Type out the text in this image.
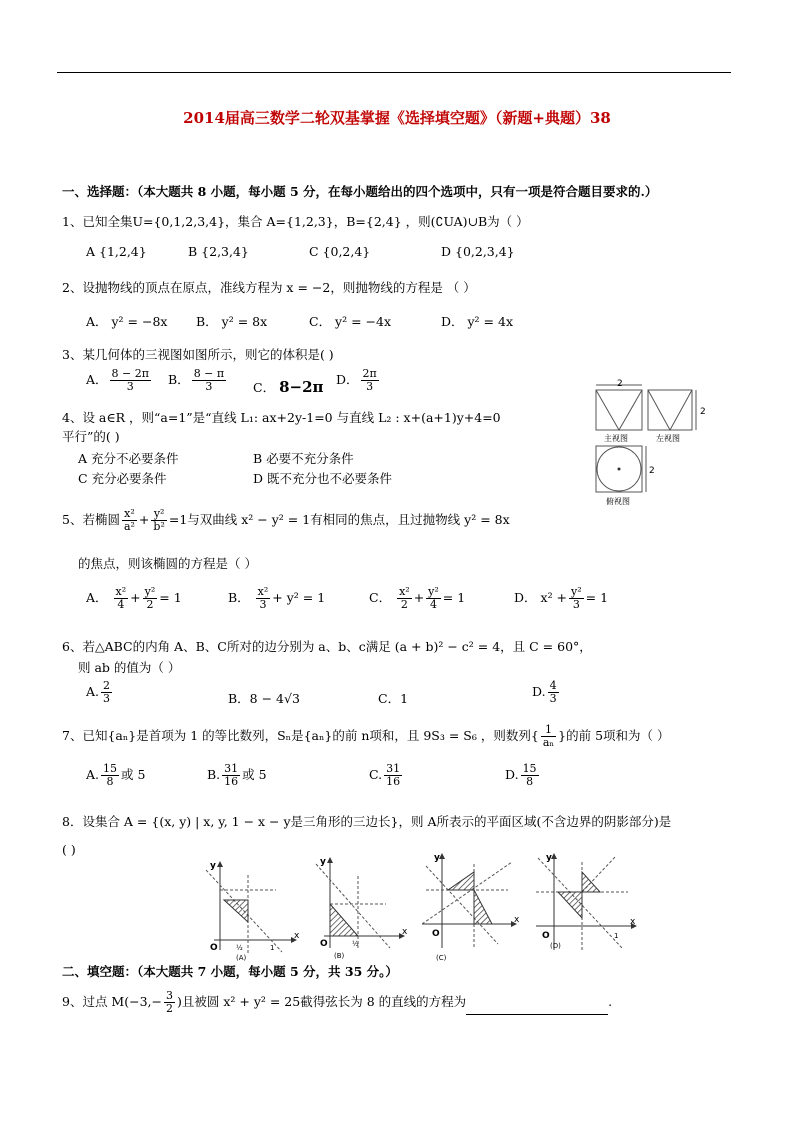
2014届高三数学二轮双基掌握《选择填空题》（新题+典题）38
一、选择题：（本大题共 8 小题，每小题 5 分，在每小题给出的四个选项中，只有一项是符合题目要求的.）
1、已知全集U={0,1,2,3,4}，集合 A={1,2,3}，B={2,4} ，则(∁UA)∪B为（ ）
A {1,2,4}	B {2,3,4}	C {0,2,4}	D {0,2,3,4}
2、设抛物线的顶点在原点，准线方程为 x = −2，则抛物线的方程是 （ ）
A． y² = −8x B． y² = 8x	C． y² = −4x	D． y² = 4x
3、某几何体的三视图如图所示，则它的体积是( )
A． $\frac{8 - 2\pi}{3}$ B． $\frac{8 - \pi}{3}$ C． 8−2π D． $\frac{2\pi}{3}$	2
2
2
主视图	左视图
俯视图
4、设 a∈R ，则“a=1”是“直线 L₁: ax+2y-1=0 与直线 L₂ : x+(a+1)y+4=0
平行”的( )
A 充分不必要条件	B 必要不充分条件
C 充分必要条件	D 既不充分也不必要条件
5、若椭圆 $\frac{\text{x²}}{\text{a²}} + \frac{\text{y²}}{\text{b²}} =1$与双曲线 x² − y² = 1有相同的焦点，且过抛物线 y² = 8x
的焦点，则该椭圆的方程是（ ）
A． $\frac{\text{x²}}{4} + \frac{\text{y²}}{2} = 1$	B． $\frac{\text{x²}}{3} + y^2 = 1$	C． $\frac{\text{x²}}{2} + \frac{\text{y²}}{4} = 1$	D． $x^2 + \frac{\text{y²}}{3} = 1$
6、若△ABC的内角 A、B、C所对的边分别为 a、b、c满足 (a + b)² − c² = 4，且 C = 60°，
则 ab 的值为（ ）
A. $\frac{2}{3}$	B．8 − 4√3	C．1	D. $\frac{4}{3}$
7、已知{aₙ}是首项为 1 的等比数列，Sₙ是{aₙ}的前 n项和，且 9S₃ = S₆ ，则数列{ $\frac{1}{\text{aₙ}}$ }的前 5项和为（ ）
A. $\frac{15}{8}$ 或 5	B. $\frac{31}{16}$ 或 5	C. $\frac{31}{16}$	D. $\frac{15}{8}$
8．设集合 A = {(x, y) | x, y, 1 − x − y是三角形的三边长}，则 A所表示的平面区域(不含边界的阴影部分)是
( )
y
x
O	½	1
(A)
y
x
O	½
(B)
y
x
O
(C)
y
x
O	1
(D)
二、填空题：（本大题共 7 小题，每小题 5 分，共 35 分。）
9、过点 $M(-3,- \frac{3}{2}$ )且被圆 x² + y² = 25截得弦长为 8 的直线的方程为	.
